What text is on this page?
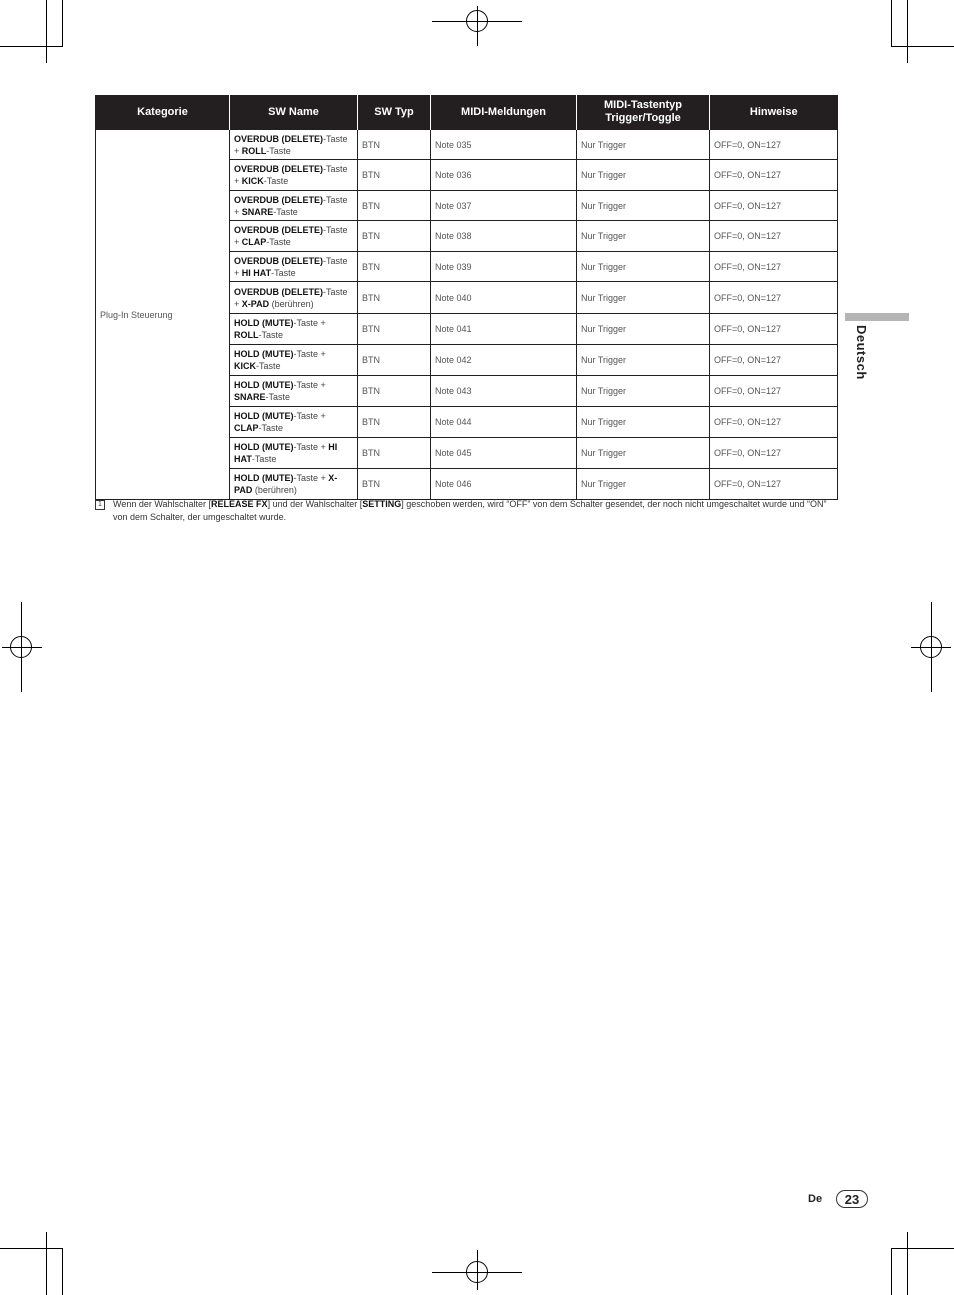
Kategorie	SW Name	SW Typ	MIDI-Meldungen	MIDI-Tastentyp Trigger/Toggle	Hinweise
Plug-In Steuerung	OVERDUB (DELETE)-Taste + ROLL-Taste	BTN	Note 035	Nur Trigger	OFF=0, ON=127
	OVERDUB (DELETE)-Taste + KICK-Taste	BTN	Note 036	Nur Trigger	OFF=0, ON=127
	OVERDUB (DELETE)-Taste + SNARE-Taste	BTN	Note 037	Nur Trigger	OFF=0, ON=127
	OVERDUB (DELETE)-Taste + CLAP-Taste	BTN	Note 038	Nur Trigger	OFF=0, ON=127
	OVERDUB (DELETE)-Taste + HI HAT-Taste	BTN	Note 039	Nur Trigger	OFF=0, ON=127
	OVERDUB (DELETE)-Taste + X-PAD (berühren)	BTN	Note 040	Nur Trigger	OFF=0, ON=127
	HOLD (MUTE)-Taste + ROLL-Taste	BTN	Note 041	Nur Trigger	OFF=0, ON=127
	HOLD (MUTE)-Taste + KICK-Taste	BTN	Note 042	Nur Trigger	OFF=0, ON=127
	HOLD (MUTE)-Taste + SNARE-Taste	BTN	Note 043	Nur Trigger	OFF=0, ON=127
	HOLD (MUTE)-Taste + CLAP-Taste	BTN	Note 044	Nur Trigger	OFF=0, ON=127
	HOLD (MUTE)-Taste + HI HAT-Taste	BTN	Note 045	Nur Trigger	OFF=0, ON=127
	HOLD (MUTE)-Taste + X-PAD (berühren)	BTN	Note 046	Nur Trigger	OFF=0, ON=127
1	Wenn der Wahlschalter [RELEASE FX] und der Wahlschalter [SETTING] geschoben werden, wird “OFF” von dem Schalter gesendet, der noch nicht umgeschaltet wurde und “ON” von dem Schalter, der umgeschaltet wurde.
Deutsch
De	23
